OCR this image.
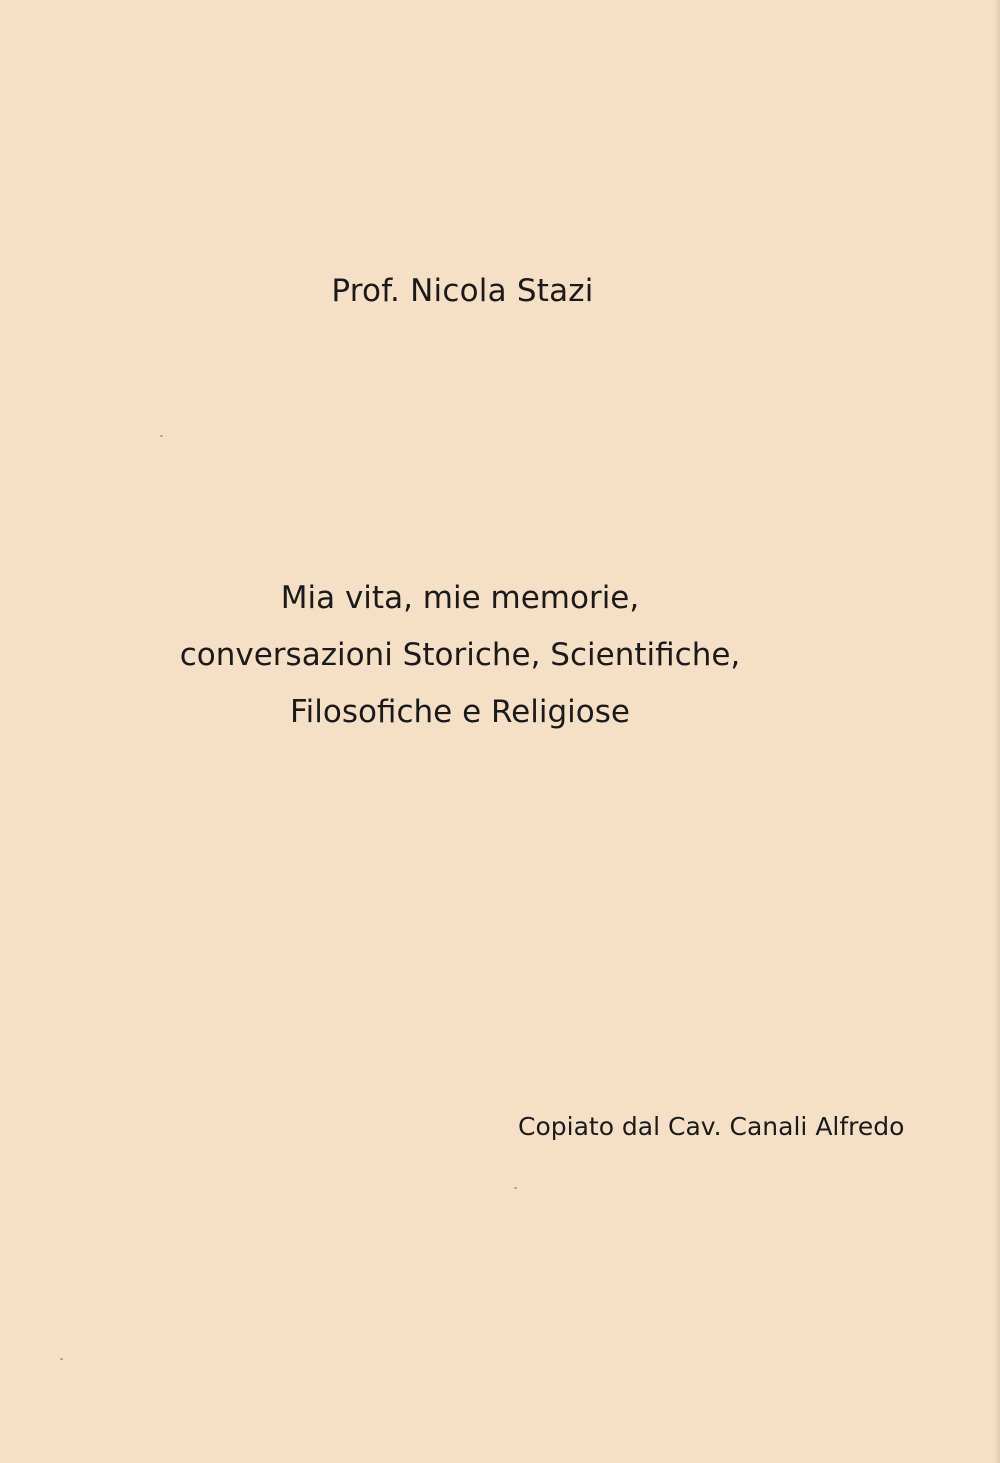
Prof. Nicola Stazi
Mia vita, mie memorie,
conversazioni Storiche, Scientifiche,
Filosofiche e Religiose
Copiato dal Cav. Canali Alfredo
